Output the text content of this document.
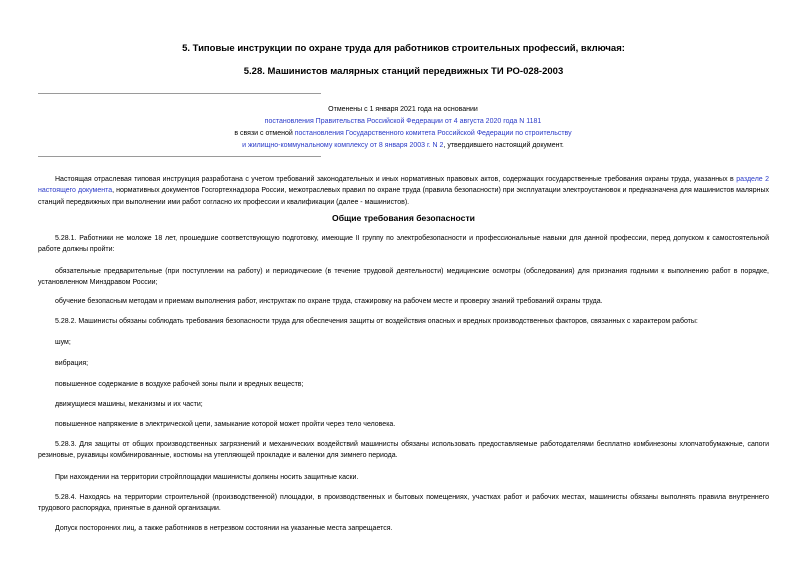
5. Типовые инструкции по охране труда для работников строительных профессий, включая:
5.28. Машинистов малярных станций передвижных ТИ РО-028-2003
Отменены с 1 января 2021 года на основании
постановления Правительства Российской Федерации от 4 августа 2020 года N 1181
в связи с отменой постановления Государственного комитета Российской Федерации по строительству
и жилищно-коммунальному комплексу от 8 января 2003 г. N 2, утвердившего настоящий документ.
Настоящая отраслевая типовая инструкция разработана с учетом требований законодательных и иных нормативных правовых актов, содержащих государственные требования охраны труда, указанных в разделе 2 настоящего документа, нормативных документов Госгортехнадзора России, межотраслевых правил по охране труда (правила безопасности) при эксплуатации электроустановок и предназначена для машинистов малярных станций передвижных при выполнении ими работ согласно их профессии и квалификации (далее - машинистов).
Общие требования безопасности
5.28.1. Работники не моложе 18 лет, прошедшие соответствующую подготовку, имеющие II группу по электробезопасности и профессиональные навыки для данной профессии, перед допуском к самостоятельной работе должны пройти:
обязательные предварительные (при поступлении на работу) и периодические (в течение трудовой деятельности) медицинские осмотры (обследования) для признания годными к выполнению работ в порядке, установленном Минздравом России;
обучение безопасным методам и приемам выполнения работ, инструктаж по охране труда, стажировку на рабочем месте и проверку знаний требований охраны труда.
5.28.2. Машинисты обязаны соблюдать требования безопасности труда для обеспечения защиты от воздействия опасных и вредных производственных факторов, связанных с характером работы:
шум;
вибрация;
повышенное содержание в воздухе рабочей зоны пыли и вредных веществ;
движущиеся машины, механизмы и их части;
повышенное напряжение в электрической цепи, замыкание которой может пройти через тело человека.
5.28.3. Для защиты от общих производственных загрязнений и механических воздействий машинисты обязаны использовать предоставляемые работодателями бесплатно комбинезоны хлопчатобумажные, сапоги резиновые, рукавицы комбинированные, костюмы на утепляющей прокладке и валенки для зимнего периода.
При нахождении на территории стройплощадки машинисты должны носить защитные каски.
5.28.4. Находясь на территории строительной (производственной) площадки, в производственных и бытовых помещениях, участках работ и рабочих местах, машинисты обязаны выполнять правила внутреннего трудового распорядка, принятые в данной организации.
Допуск посторонних лиц, а также работников в нетрезвом состоянии на указанные места запрещается.
